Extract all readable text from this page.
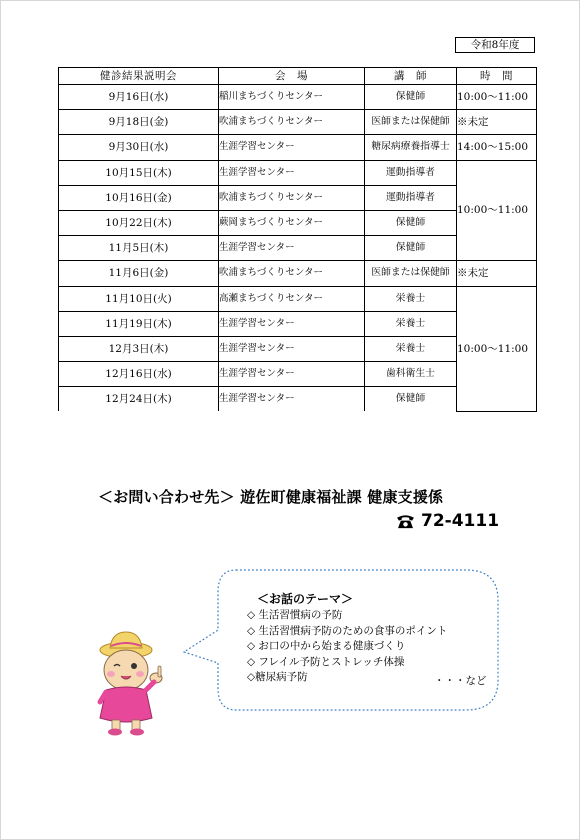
令和8年度
健診結果説明会	会　場	講　師	時　間
9月16日(水)	稲川まちづくりセンター	保健師	10:00～11:00
9月18日(金)	吹浦まちづくりセンター	医師または保健師	※未定
9月30日(水)	生涯学習センター	糖尿病療養指導士	14:00～15:00
10月15日(木)	生涯学習センター	運動指導者	10:00～11:00
10月16日(金)	吹浦まちづくりセンター	運動指導者	
10月22日(木)	蕨岡まちづくりセンター	保健師	
11月5日(木)	生涯学習センター	保健師	
11月6日(金)	吹浦まちづくりセンター	医師または保健師	※未定
11月10日(火)	高瀬まちづくりセンター	栄養士	10:00～11:00
11月19日(木)	生涯学習センター	栄養士	
12月3日(木)	生涯学習センター	栄養士	
12月16日(水)	生涯学習センター	歯科衛生士	
12月24日(木)	生涯学習センター	保健師	
＜お問い合わせ先＞ 遊佐町健康福祉課 健康支援係
72-4111
＜お話のテーマ＞
◇ 生活習慣病の予防
◇ 生活習慣病予防のための食事のポイント
◇ お口の中から始まる健康づくり
◇ フレイル予防とストレッチ体操
◇糖尿病予防	・・・など
